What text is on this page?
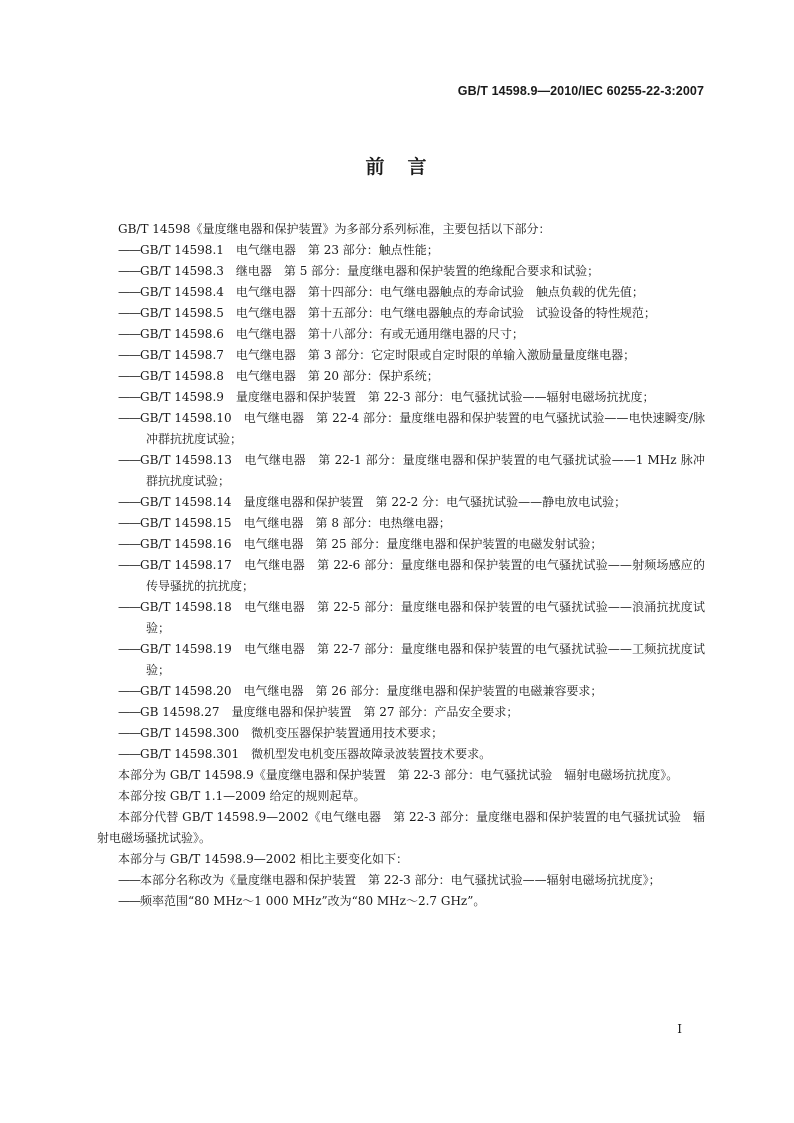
GB/T 14598.9—2010/IEC 60255-22-3:2007
前　言

GB/T 14598《量度继电器和保护装置》为多部分系列标准，主要包括以下部分：

——GB/T 14598.1　电气继电器　第 23 部分：触点性能；

——GB/T 14598.3　继电器　第 5 部分：量度继电器和保护装置的绝缘配合要求和试验；

——GB/T 14598.4　电气继电器　第十四部分：电气继电器触点的寿命试验　触点负载的优先值；

——GB/T 14598.5　电气继电器　第十五部分：电气继电器触点的寿命试验　试验设备的特性规范；

——GB/T 14598.6　电气继电器　第十八部分：有或无通用继电器的尺寸；

——GB/T 14598.7　电气继电器　第 3 部分：它定时限或自定时限的单输入激励量量度继电器；

——GB/T 14598.8　电气继电器　第 20 部分：保护系统；

——GB/T 14598.9　量度继电器和保护装置　第 22-3 部分：电气骚扰试验——辐射电磁场抗扰度；

——GB/T 14598.10　电气继电器　第 22-4 部分：量度继电器和保护装置的电气骚扰试验——电快速瞬变/脉冲群抗扰度试验；

——GB/T 14598.13　电气继电器　第 22-1 部分：量度继电器和保护装置的电气骚扰试验——1 MHz 脉冲群抗扰度试验；

——GB/T 14598.14　量度继电器和保护装置　第 22-2 分：电气骚扰试验——静电放电试验；

——GB/T 14598.15　电气继电器　第 8 部分：电热继电器；

——GB/T 14598.16　电气继电器　第 25 部分：量度继电器和保护装置的电磁发射试验；

——GB/T 14598.17　电气继电器　第 22-6 部分：量度继电器和保护装置的电气骚扰试验——射频场感应的传导骚扰的抗扰度；

——GB/T 14598.18　电气继电器　第 22-5 部分：量度继电器和保护装置的电气骚扰试验——浪涌抗扰度试验；

——GB/T 14598.19　电气继电器　第 22-7 部分：量度继电器和保护装置的电气骚扰试验——工频抗扰度试验；

——GB/T 14598.20　电气继电器　第 26 部分：量度继电器和保护装置的电磁兼容要求；

——GB 14598.27　量度继电器和保护装置　第 27 部分：产品安全要求；

——GB/T 14598.300　微机变压器保护装置通用技术要求；

——GB/T 14598.301　微机型发电机变压器故障录波装置技术要求。

本部分为 GB/T 14598.9《量度继电器和保护装置　第 22-3 部分：电气骚扰试验　辐射电磁场抗扰度》。

本部分按 GB/T 1.1—2009 给定的规则起草。

本部分代替 GB/T 14598.9—2002《电气继电器　第 22-3 部分：量度继电器和保护装置的电气骚扰试验　辐射电磁场骚扰试验》。

本部分与 GB/T 14598.9—2002 相比主要变化如下：

——本部分名称改为《量度继电器和保护装置　第 22-3 部分：电气骚扰试验——辐射电磁场抗扰度》；

——频率范围“80 MHz～1 000 MHz”改为“80 MHz～2.7 GHz”。

I
